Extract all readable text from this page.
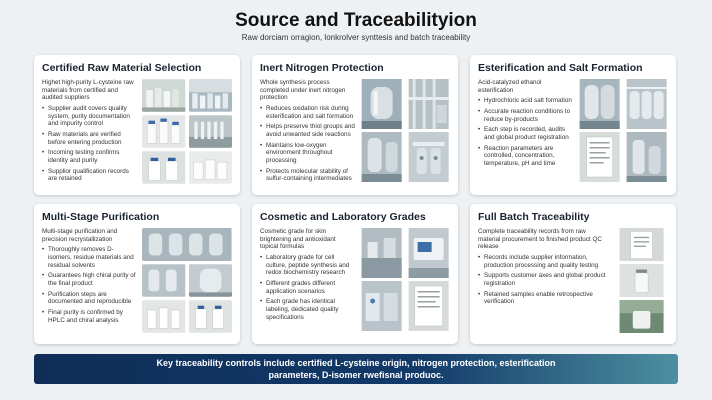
Source and Traceabilityion
Raw dorciam orragion, lonkrolver synttesis and batch traceability
Certified Raw Material Selection

Highet high-purity L-cysteine raw materials from certified and audited suppliers

• Supplier audit covers quality system, purity documentation and impurity control
• Raw materials are verified before entering production
• Incoming testing confirms identity and purity
• Supplior qualification records are retained
Inert Nitrogen Protection

Whole synthesis process completed under inert nitrogen protection

• Reduces oxidation risk during esterification and salt formation
• Helps preserve thiol groups and avoid unwanted side reactions
• Maintains low-oxygen environment throughout processing
• Protects molecular stability of sulfur-containing intermediates
Esterification and Salt Formation

Acid-catalyzed ethanol esterification

• Hydrochloric acid salt formation
• Accurate reaction conditions to reduce by-products
• Each step is recorded, audits and global product registration
• Reaction parameters are controlled, concentration, temperature, pH and time
Multi-Stage Purification

Multi-stage purification and precision recrystallization

• Thoroughly removes D-isomers, residue materials and residual solvents
• Guarantees high chiral purity of the final product
• Purification steps are documented and reproducible
• Final purity is confirmed by HPLC and chiral analysis
Cosmetic and Laboratory Grades

Cosmetic grade for skin brightening and antioxidant topical formulas

• Laboratory grade for cell culture, peptide synthesis and redox biochemistry research
• Different grades different application scenarios
• Each grade has identical labeling, dedicated quality specifications
Full Batch Traceability

Complete traceability records from raw material procurement to finished product QC release

• Records include supplier information, production processing and quality testing
• Supports customer axes and global product registration
• Retained samples enable retrospective verification
Key traceability controls include certified L-cysteine origin, nitrogen protection, esterification
parameters, D-isomer rwefisnal produoc.
